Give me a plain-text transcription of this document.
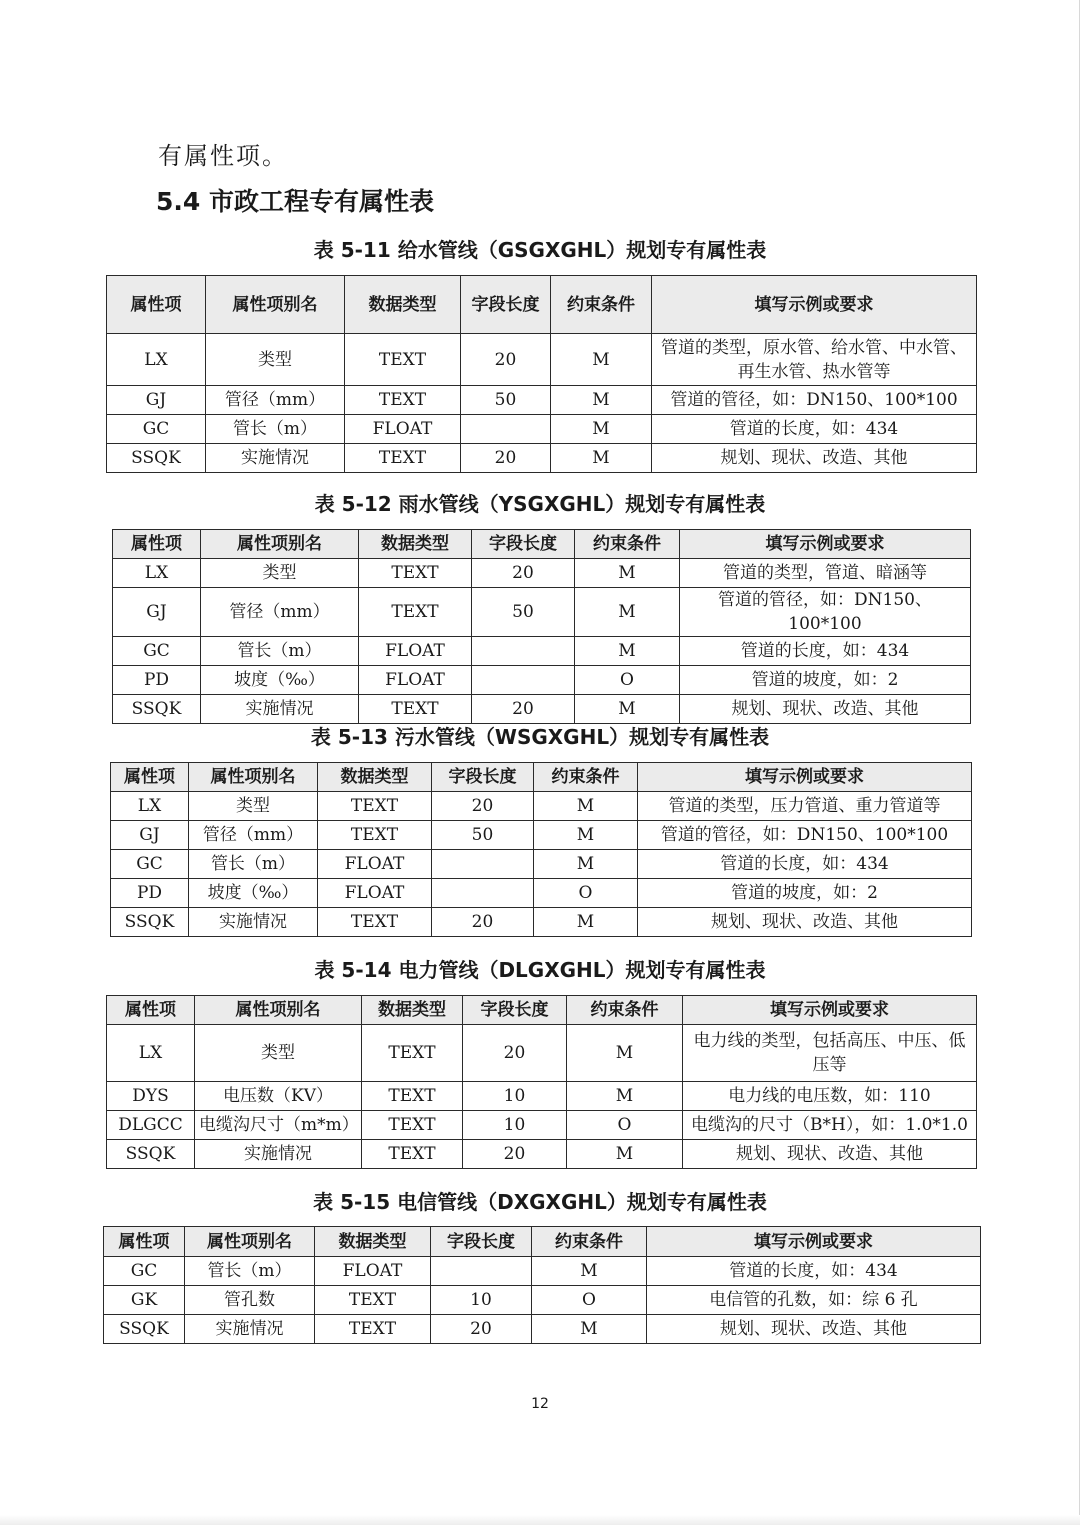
有属性项。
5.4 市政工程专有属性表
表 5-11 给水管线（GSGXGHL）规划专有属性表
属性项	属性项别名	数据类型	字段长度	约束条件	填写示例或要求
LX	类型	TEXT	20	M	管道的类型，原水管、给水管、中水管、再生水管、热水管等
GJ	管径（mm）	TEXT	50	M	管道的管径，如：DN150、100*100
GC	管长（m）	FLOAT		M	管道的长度，如：434
SSQK	实施情况	TEXT	20	M	规划、现状、改造、其他
表 5-12 雨水管线（YSGXGHL）规划专有属性表
属性项	属性项别名	数据类型	字段长度	约束条件	填写示例或要求
LX	类型	TEXT	20	M	管道的类型，管道、暗涵等
GJ	管径（mm）	TEXT	50	M	管道的管径，如：DN150、100*100
GC	管长（m）	FLOAT		M	管道的长度，如：434
PD	坡度（‰）	FLOAT		O	管道的坡度，如：2
SSQK	实施情况	TEXT	20	M	规划、现状、改造、其他
表 5-13 污水管线（WSGXGHL）规划专有属性表
属性项	属性项别名	数据类型	字段长度	约束条件	填写示例或要求
LX	类型	TEXT	20	M	管道的类型，压力管道、重力管道等
GJ	管径（mm）	TEXT	50	M	管道的管径，如：DN150、100*100
GC	管长（m）	FLOAT		M	管道的长度，如：434
PD	坡度（‰）	FLOAT		O	管道的坡度，如：2
SSQK	实施情况	TEXT	20	M	规划、现状、改造、其他
表 5-14 电力管线（DLGXGHL）规划专有属性表
属性项	属性项别名	数据类型	字段长度	约束条件	填写示例或要求
LX	类型	TEXT	20	M	电力线的类型，包括高压、中压、低压等
DYS	电压数（KV）	TEXT	10	M	电力线的电压数，如：110
DLGCC	电缆沟尺寸（m*m）	TEXT	10	O	电缆沟的尺寸（B*H），如：1.0*1.0
SSQK	实施情况	TEXT	20	M	规划、现状、改造、其他
表 5-15 电信管线（DXGXGHL）规划专有属性表
属性项	属性项别名	数据类型	字段长度	约束条件	填写示例或要求
GC	管长（m）	FLOAT		M	管道的长度，如：434
GK	管孔数	TEXT	10	O	电信管的孔数，如：综 6 孔
SSQK	实施情况	TEXT	20	M	规划、现状、改造、其他
12
